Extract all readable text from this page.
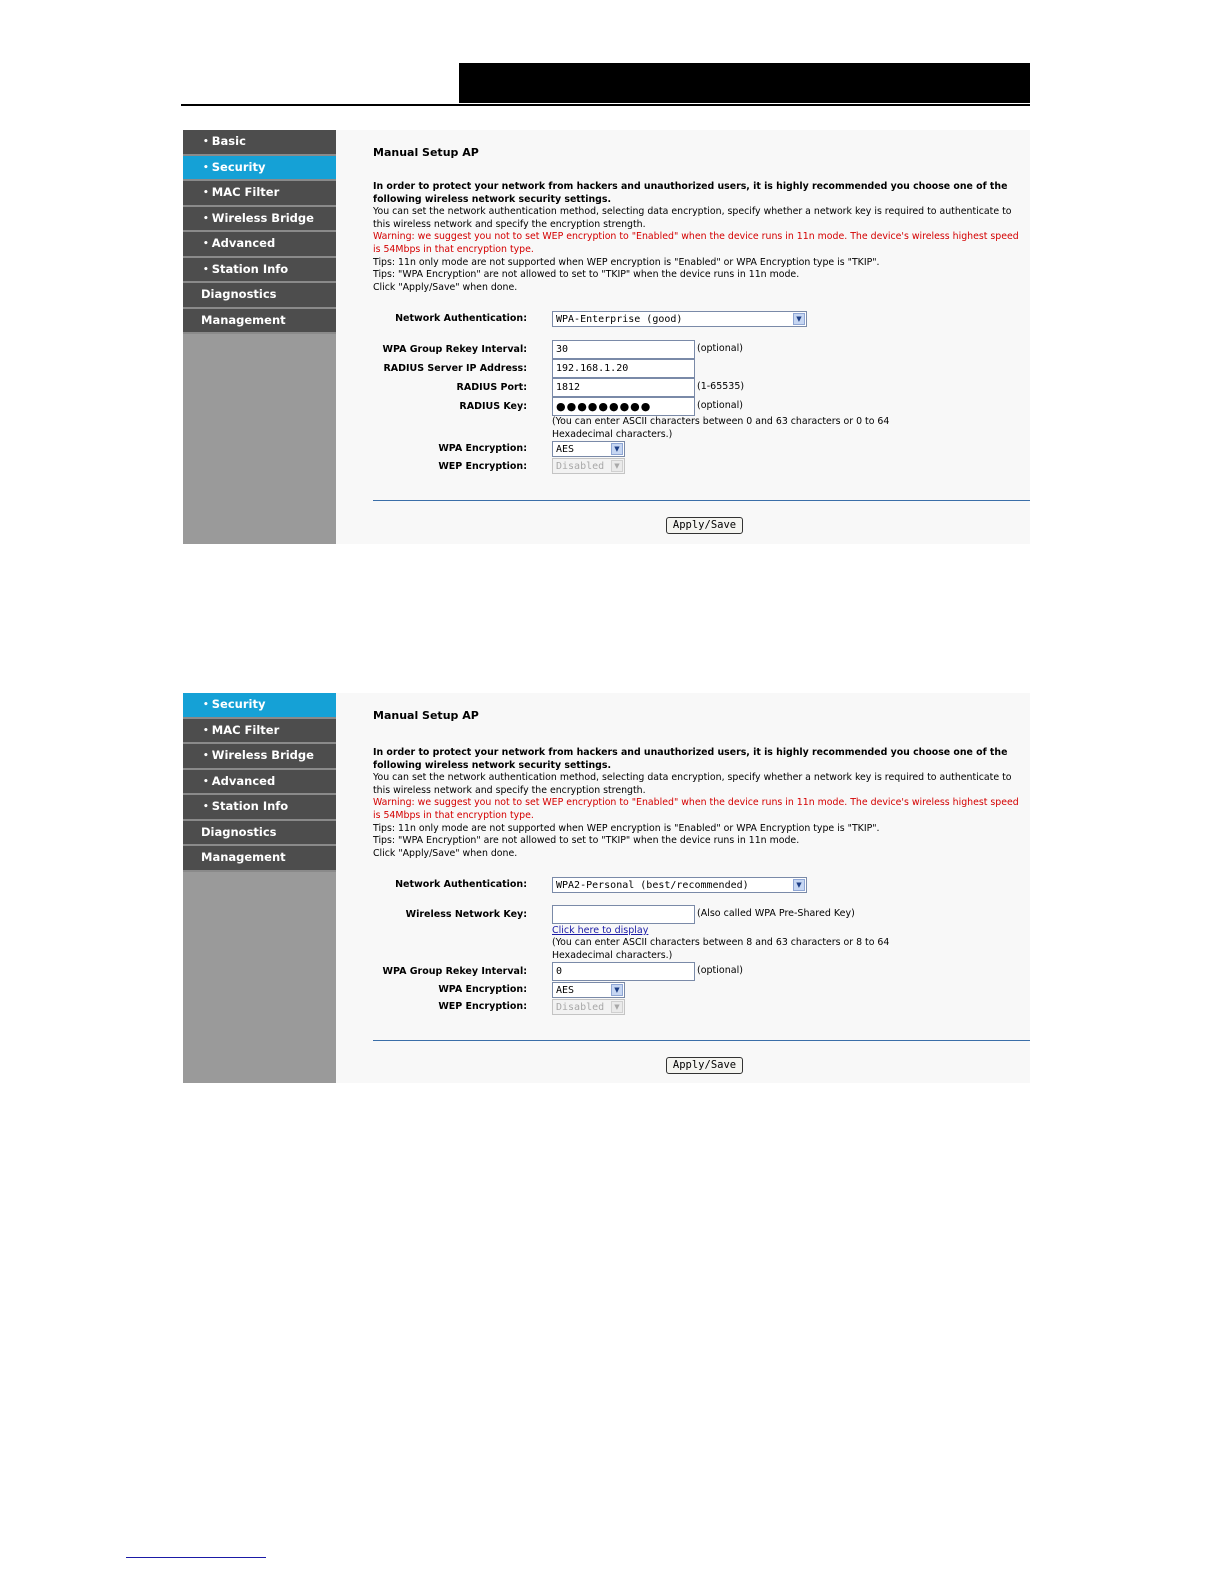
• Basic
• Security
• MAC Filter
• Wireless Bridge
• Advanced
• Station Info
Diagnostics
Management
Manual Setup AP

In order to protect your network from hackers and unauthorized users, it is highly recommended you choose one of the following wireless network security settings.

You can set the network authentication method, selecting data encryption, specify whether a network key is required to authenticate to this wireless network and specify the encryption strength.

Warning: we suggest you not to set WEP encryption to "Enabled" when the device runs in 11n mode. The device's wireless highest speed is 54Mbps in that encryption type.

Tips: 11n only mode are not supported when WEP encryption is "Enabled" or WPA Encryption type is "TKIP".

Tips: "WPA Encryption" are not allowed to set to "TKIP" when the device runs in 11n mode.

Click "Apply/Save" when done.

Network Authentication:	WPA-Enterprise (good)	▼
WPA Group Rekey Interval:	30	(optional)
RADIUS Server IP Address:	192.168.1.20
RADIUS Port:	1812	(1-65535)
RADIUS Key:	●●●●●●●●●	(optional)
(You can enter ASCII characters between 0 and 63 characters or 0 to 64 Hexadecimal characters.)
WPA Encryption:	AES	▼
WEP Encryption:	Disabled	▼
Apply/Save
• Security
• MAC Filter
• Wireless Bridge
• Advanced
• Station Info
Diagnostics
Management
Manual Setup AP

In order to protect your network from hackers and unauthorized users, it is highly recommended you choose one of the following wireless network security settings.

You can set the network authentication method, selecting data encryption, specify whether a network key is required to authenticate to this wireless network and specify the encryption strength.

Warning: we suggest you not to set WEP encryption to "Enabled" when the device runs in 11n mode. The device's wireless highest speed is 54Mbps in that encryption type.

Tips: 11n only mode are not supported when WEP encryption is "Enabled" or WPA Encryption type is "TKIP".

Tips: "WPA Encryption" are not allowed to set to "TKIP" when the device runs in 11n mode.

Click "Apply/Save" when done.

Network Authentication:	WPA2-Personal (best/recommended)	▼
Wireless Network Key:	(Also called WPA Pre-Shared Key)
Click here to display
(You can enter ASCII characters between 8 and 63 characters or 8 to 64 Hexadecimal characters.)
WPA Group Rekey Interval:	0	(optional)
WPA Encryption:	AES	▼
WEP Encryption:	Disabled	▼
Apply/Save
